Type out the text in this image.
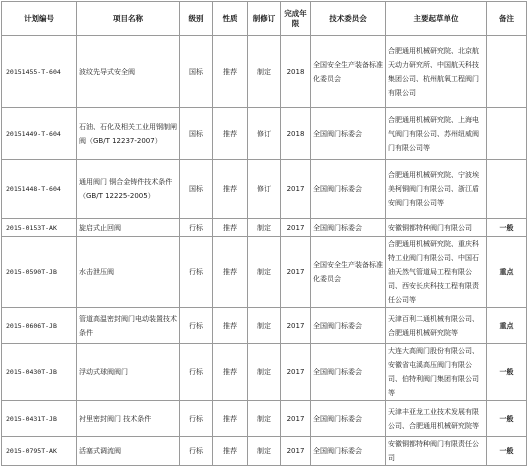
计划编号	项目名称	级别	性质	制修订	完成年限	技术委员会	主要起草单位	备注
20151455-T-604	波纹先导式安全阀	国标	推荐	制定	2018	全国安全生产装备标准化委员会	合肥通用机械研究院、北京航天动力研究所、中国航天科技集团公司、杭州航氧工程阀门有限公司	
20151449-T-604	石油、石化及相关工业用钢制闸阀（GB/T 12237-2007）	国标	推荐	修订	2018	全国阀门标委会	合肥通用机械研究院、上海电气阀门有限公司、苏州纽威阀门有限公司等	
20151448-T-604	通用阀门 铜合金铸件技术条件（GB/T 12225-2005）	国标	推荐	修订	2017	全国阀门标委会	合肥通用机械研究院、宁波埃美柯铜阀门有限公司、浙江盾安阀门有限公司等	
2015-0153T-AK	旋启式止回阀	行标	推荐	制定	2017	全国阀门标委会	安徽铜都特种阀门有限公司	一般
2015-0590T-JB	水击泄压阀	行标	推荐	制定	2017	全国安全生产装备标准化委员会	合肥通用机械研究院、重庆科特工业阀门有限公司、中国石油天然气管道局工程有限公司、西安长庆科技工程有限责任公司等	重点
2015-0606T-JB	管道高温密封阀门电动装置技术条件	行标	推荐	制定	2017	全国阀门标委会	天津百利二通机械有限公司、合肥通用机械研究院等	重点
2015-0430T-JB	浮动式球阀阀门	行标	推荐	制定	2017	全国阀门标委会	大连大高阀门股份有限公司、安徽省屯溪高压阀门有限公司、伯特利阀门集团有限公司等	一般
2015-0431T-JB	衬里密封阀门 技术条件	行标	推荐	制定	2017	全国阀门标委会	天津丰亚龙工业技术发展有限公司、合肥通用机械研究院等	一般
2015-0795T-AK	活塞式调流阀	行标	推荐	制定	2017	全国阀门标委会	安徽铜都特种阀门有限责任公司	一般
